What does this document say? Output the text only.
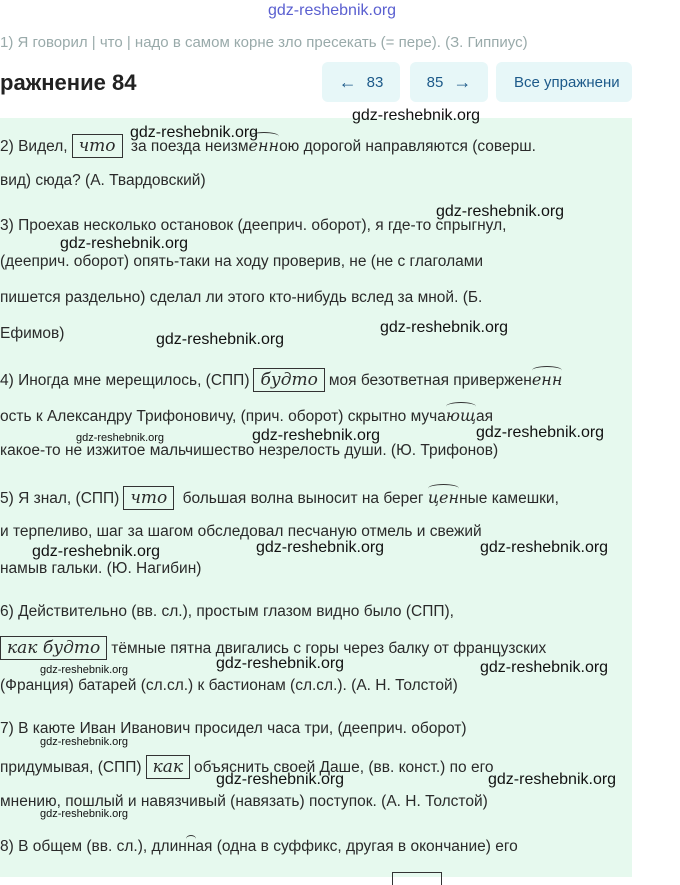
gdz-reshebnik.org
1) Я говорил | что | надо в самом корне зло пресекать (= пере). (З. Гиппиус)
ражнение 84	← 83	85 →	Все упражнени
2) Видел, что за поезда неизменною дорогой направляются (соверш.
вид) сюда? (А. Твардовский)
3) Проехав несколько остановок (дееприч. оборот), я где-то спрыгнул,
(дееприч. оборот) опять-таки на ходу проверив, не (не с глаголами
пишется раздельно) сделал ли этого кто-нибудь вслед за мной. (Б.
Ефимов)
4) Иногда мне мерещилось, (СПП) будто моя безответная привержененн
ость к Александру Трифоновичу, (прич. оборот) скрытно мучающая
какое-то не изжитое мальчишество незрелость души. (Ю. Трифонов)
5) Я знал, (СПП) что большая волна выносит на берег ценные камешки,
и терпеливо, шаг за шагом обследовал песчаную отмель и свежий
намыв гальки. (Ю. Нагибин)
6) Действительно (вв. сл.), простым глазом видно было (СПП),
как будто тёмные пятна двигались с горы через балку от французских
(Франция) батарей (сл.сл.) к бастионам (сл.сл.). (А. Н. Толстой)
7) В каюте Иван Иванович просидел часа три, (дееприч. оборот)
придумывая, (СПП) как объяснить своей Даше, (вв. конст.) по его
мнению, пошлый и навязчивый (навязать) поступок. (А. Н. Толстой)
8) В общем (вв. сл.), длинная (одна в суффикс, другая в окончание) его
gdz-reshebnik.org
gdz-reshebnik.org
gdz-reshebnik.org
gdz-reshebnik.org
gdz-reshebnik.org
gdz-reshebnik.org
gdz-reshebnik.org	gdz-reshebnik.org	gdz-reshebnik.org
gdz-reshebnik.org	gdz-reshebnik.org	gdz-reshebnik.org
gdz-reshebnik.org	gdz-reshebnik.org	gdz-reshebnik.org
gdz-reshebnik.org
gdz-reshebnik.org	gdz-reshebnik.org
gdz-reshebnik.org
